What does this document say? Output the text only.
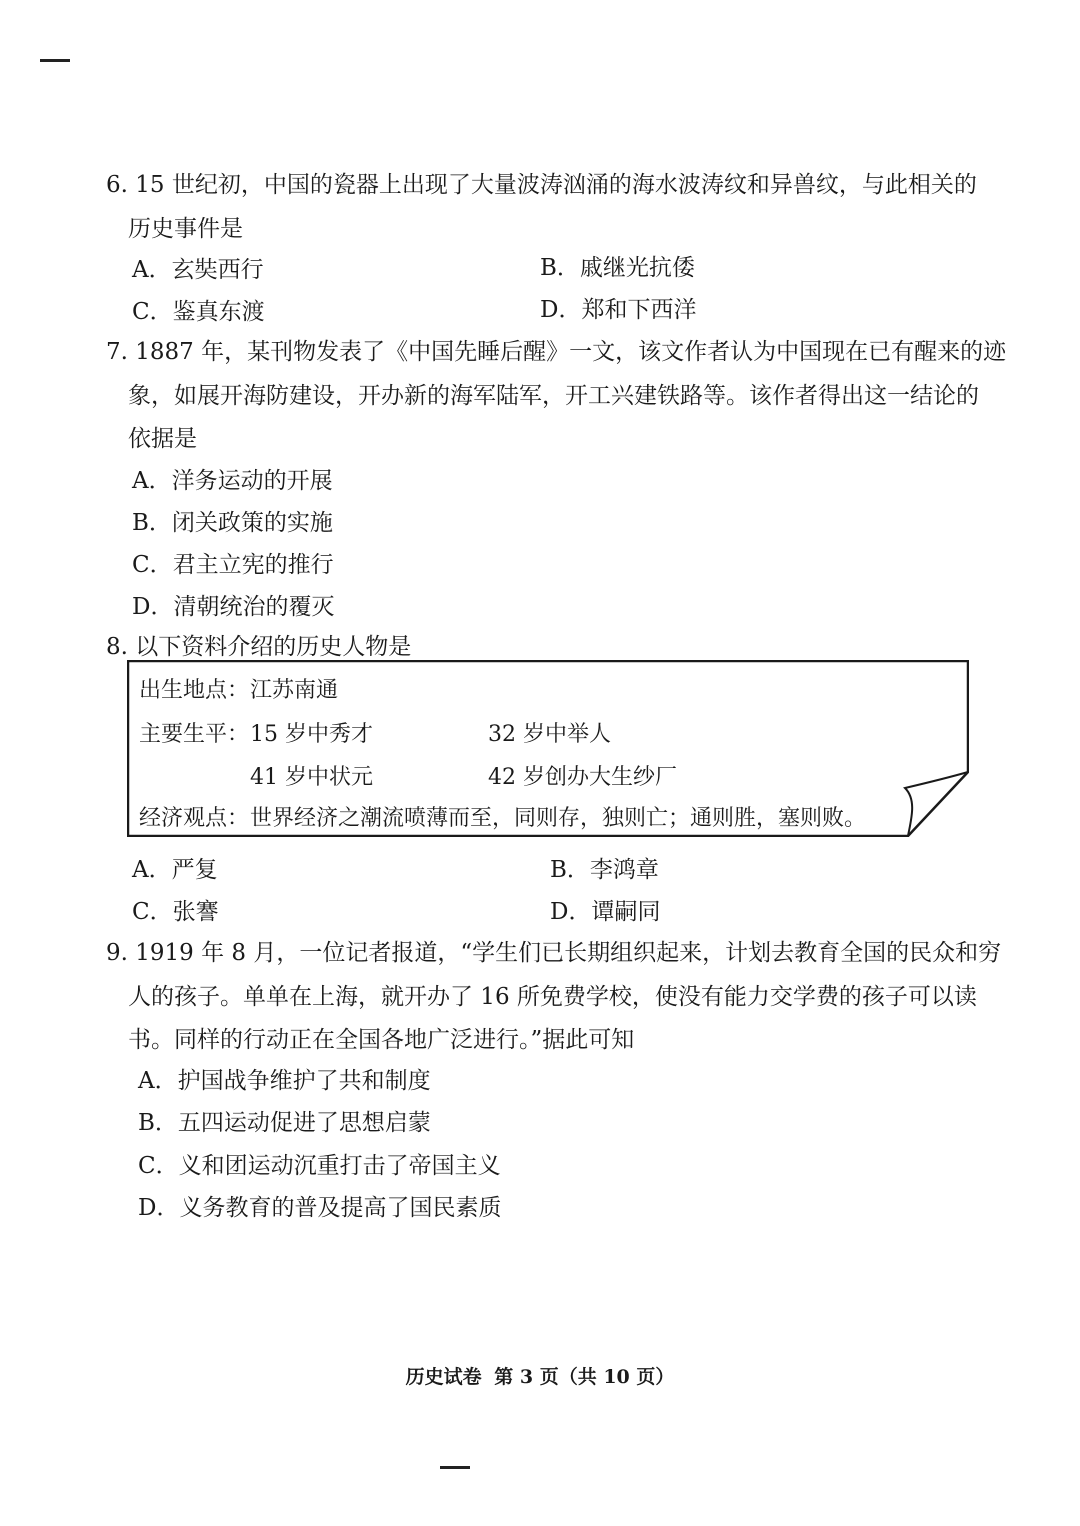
6. 15 世纪初，中国的瓷器上出现了大量波涛汹涌的海水波涛纹和异兽纹，与此相关的
历史事件是
A．玄奘西行	B．戚继光抗倭
C．鉴真东渡	D．郑和下西洋
7. 1887 年，某刊物发表了《中国先睡后醒》一文，该文作者认为中国现在已有醒来的迹
象，如展开海防建设，开办新的海军陆军，开工兴建铁路等。该作者得出这一结论的
依据是
A．洋务运动的开展
B．闭关政策的实施
C．君主立宪的推行
D．清朝统治的覆灭
8. 以下资料介绍的历史人物是
出生地点： 江苏南通
主要生平： 15 岁中秀才	32 岁中举人
41 岁中状元	42 岁创办大生纱厂
经济观点： 世界经济之潮流喷薄而至，同则存，独则亡；通则胜，塞则败。
A．严复	B．李鸿章
C．张謇	D．谭嗣同
9. 1919 年 8 月，一位记者报道，“学生们已长期组织起来，计划去教育全国的民众和穷
人的孩子。单单在上海，就开办了 16 所免费学校，使没有能力交学费的孩子可以读
书。同样的行动正在全国各地广泛进行。”据此可知
A．护国战争维护了共和制度
B．五四运动促进了思想启蒙
C．义和团运动沉重打击了帝国主义
D．义务教育的普及提高了国民素质
历史试卷 第 3 页（共 10 页）
